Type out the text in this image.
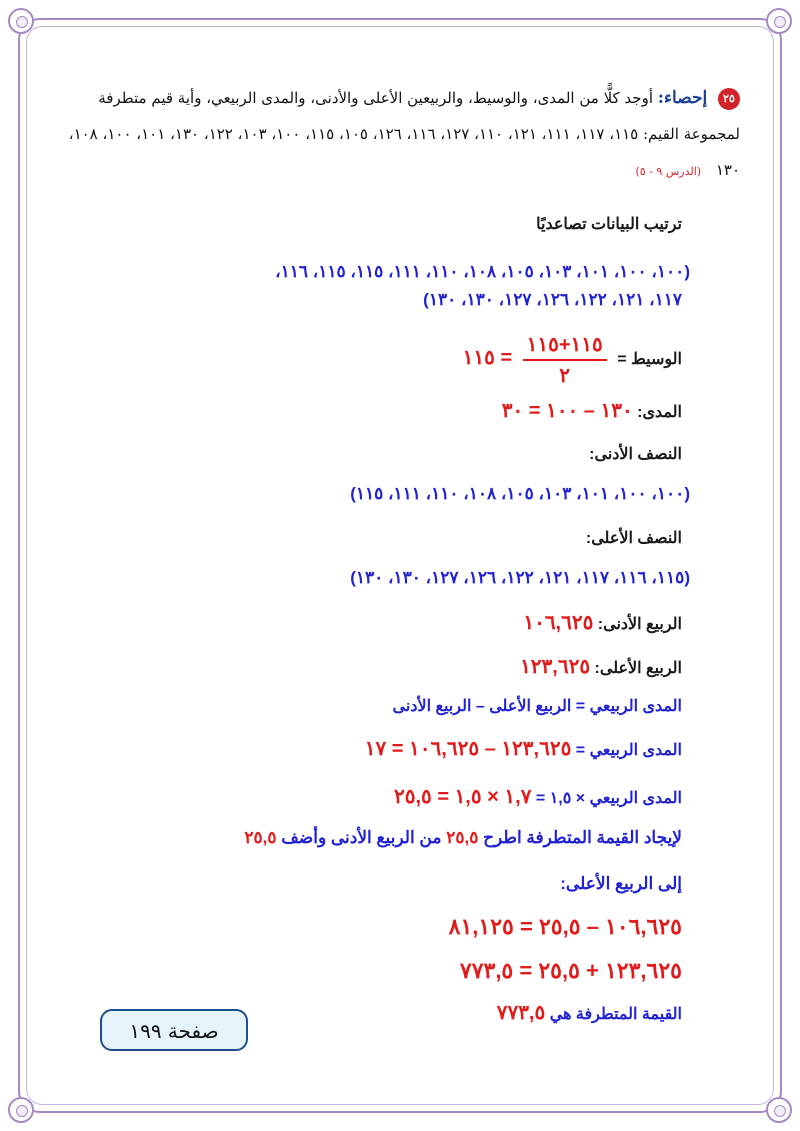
٢٥ إحصاء: أوجد كلًّا من المدى، والوسيط، والربيعين الأعلى والأدنى، والمدى الربيعي، وأية قيم متطرفة لمجموعة القيم: ١١٥، ١١٧، ١١١، ١٢١، ١١٠، ١٢٧، ١١٦، ١٢٦، ١٠٥، ١١٥، ١٠٠، ١٠٣، ١٢٢، ١٣٠، ١٠١، ١٠٠، ١٠٨، ١٣٠ (الدرس ٩ - ٥)

ترتيب البيانات تصاعديًا
(١٠٠، ١٠٠، ١٠١، ١٠٣، ١٠٥، ١٠٨، ١١٠، ١١١، ١١٥، ١١٥، ١١٦،
١١٧، ١٢١، ١٢٢، ١٢٦، ١٢٧، ١٣٠، ١٣٠)
الوسيط =
$\frac{١١٥+١١٥}{٢}$
= ١١٥
المدى: ١٣٠ – ١٠٠ = ٣٠
النصف الأدنى:
(١٠٠، ١٠٠، ١٠١، ١٠٣، ١٠٥، ١٠٨، ١١٠، ١١١، ١١٥)
النصف الأعلى:
(١١٥، ١١٦، ١١٧، ١٢١، ١٢٢، ١٢٦، ١٢٧، ١٣٠، ١٣٠)
الربيع الأدنى: ١٠٦,٦٢٥
الربيع الأعلى: ١٢٣,٦٢٥
المدى الربيعي = الربيع الأعلى – الربيع الأدنى
المدى الربيعي = ١٢٣,٦٢٥ – ١٠٦,٦٢٥ = ١٧
المدى الربيعي × ١,٥ = ١,٧ × ١,٥ = ٢٥,٥
لإيجاد القيمة المتطرفة اطرح ٢٥,٥ من الربيع الأدنى وأضف ٢٥,٥
إلى الربيع الأعلى:
١٠٦,٦٢٥ – ٢٥,٥ = ٨١,١٢٥
١٢٣,٦٢٥ + ٢٥,٥ = ٧٧٣,٥
القيمة المتطرفة هي ٧٧٣,٥
صفحة ١٩٩
